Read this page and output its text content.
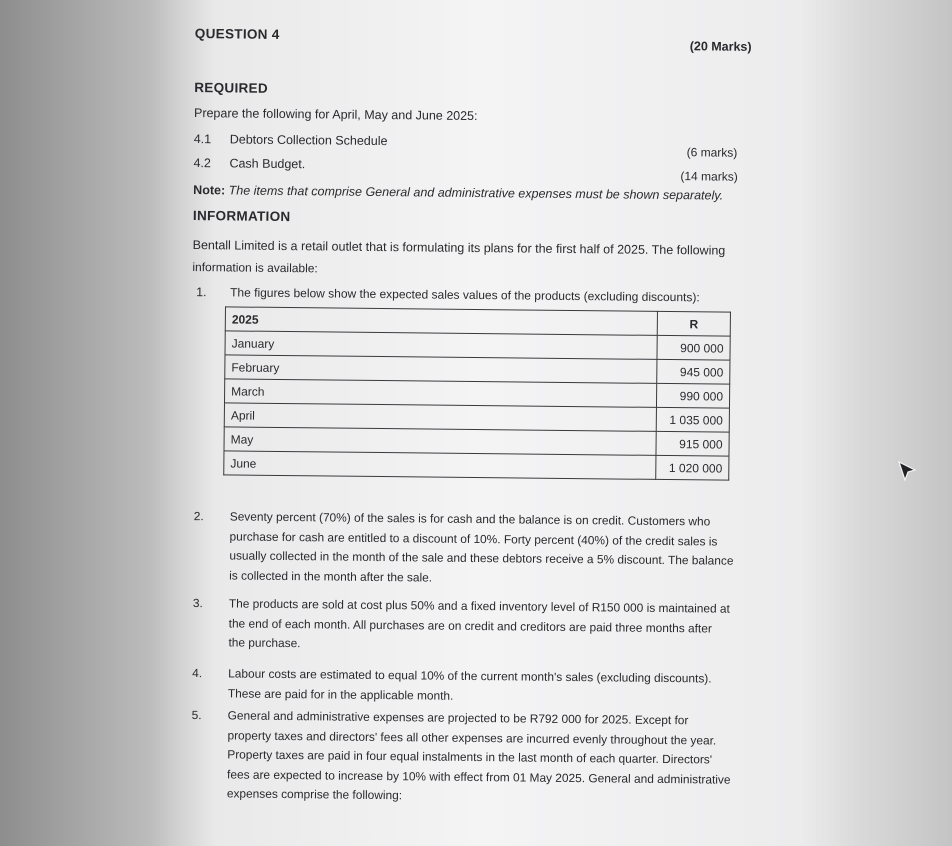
QUESTION 4
(20 Marks)
REQUIRED
Prepare the following for April, May and June 2025:
4.1 Debtors Collection Schedule
(6 marks)
4.2 Cash Budget.
(14 marks)
Note: The items that comprise General and administrative expenses must be shown separately.
INFORMATION
Bentall Limited is a retail outlet that is formulating its plans for the first half of 2025. The following
information is available:
1. The figures below show the expected sales values of the products (excluding discounts):
2025	R
January	900 000
February	945 000
March	990 000
April	1 035 000
May	915 000
June	1 020 000
2. Seventy percent (70%) of the sales is for cash and the balance is on credit. Customers who
purchase for cash are entitled to a discount of 10%. Forty percent (40%) of the credit sales is
usually collected in the month of the sale and these debtors receive a 5% discount. The balance
is collected in the month after the sale.
3. The products are sold at cost plus 50% and a fixed inventory level of R150 000 is maintained at
the end of each month. All purchases are on credit and creditors are paid three months after
the purchase.
4. Labour costs are estimated to equal 10% of the current month's sales (excluding discounts).
These are paid for in the applicable month.
5. General and administrative expenses are projected to be R792 000 for 2025. Except for
property taxes and directors' fees all other expenses are incurred evenly throughout the year.
Property taxes are paid in four equal instalments in the last month of each quarter. Directors'
fees are expected to increase by 10% with effect from 01 May 2025. General and administrative
expenses comprise the following:
